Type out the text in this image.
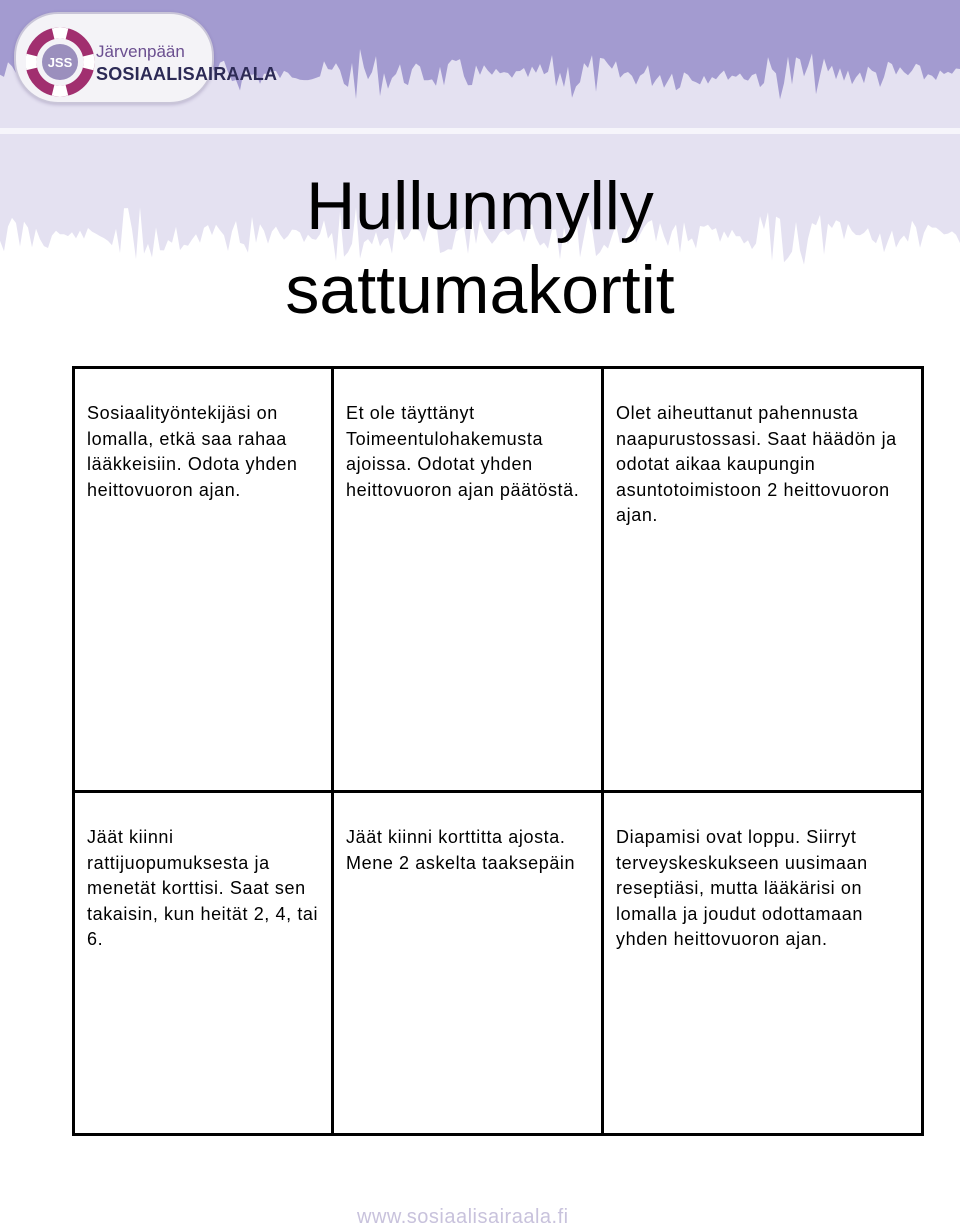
JSS
Järvenpään
SOSIAALISAIRAALA
Hullunmylly
sattumakortit
Sosiaalityöntekijäsi on lomalla, etkä saa rahaa lääkkeisiin. Odota yhden heittovuoron ajan.
Et ole täyttänyt Toimeentulohakemusta ajoissa. Odotat yhden heittovuoron ajan päätöstä.
Olet aiheuttanut pahennusta naapurustossasi. Saat häädön ja odotat aikaa kaupungin asuntotoimistoon 2 heittovuoron ajan.
Jäät kiinni rattijuopumuksesta ja menetät korttisi. Saat sen takaisin, kun heität 2, 4, tai 6.
Jäät kiinni korttitta ajosta. Mene 2 askelta taaksepäin
Diapamisi ovat loppu. Siirryt terveyskeskukseen uusimaan reseptiäsi, mutta lääkärisi on lomalla ja joudut odottamaan yhden heittovuoron ajan.
www.sosiaalisairaala.fi
